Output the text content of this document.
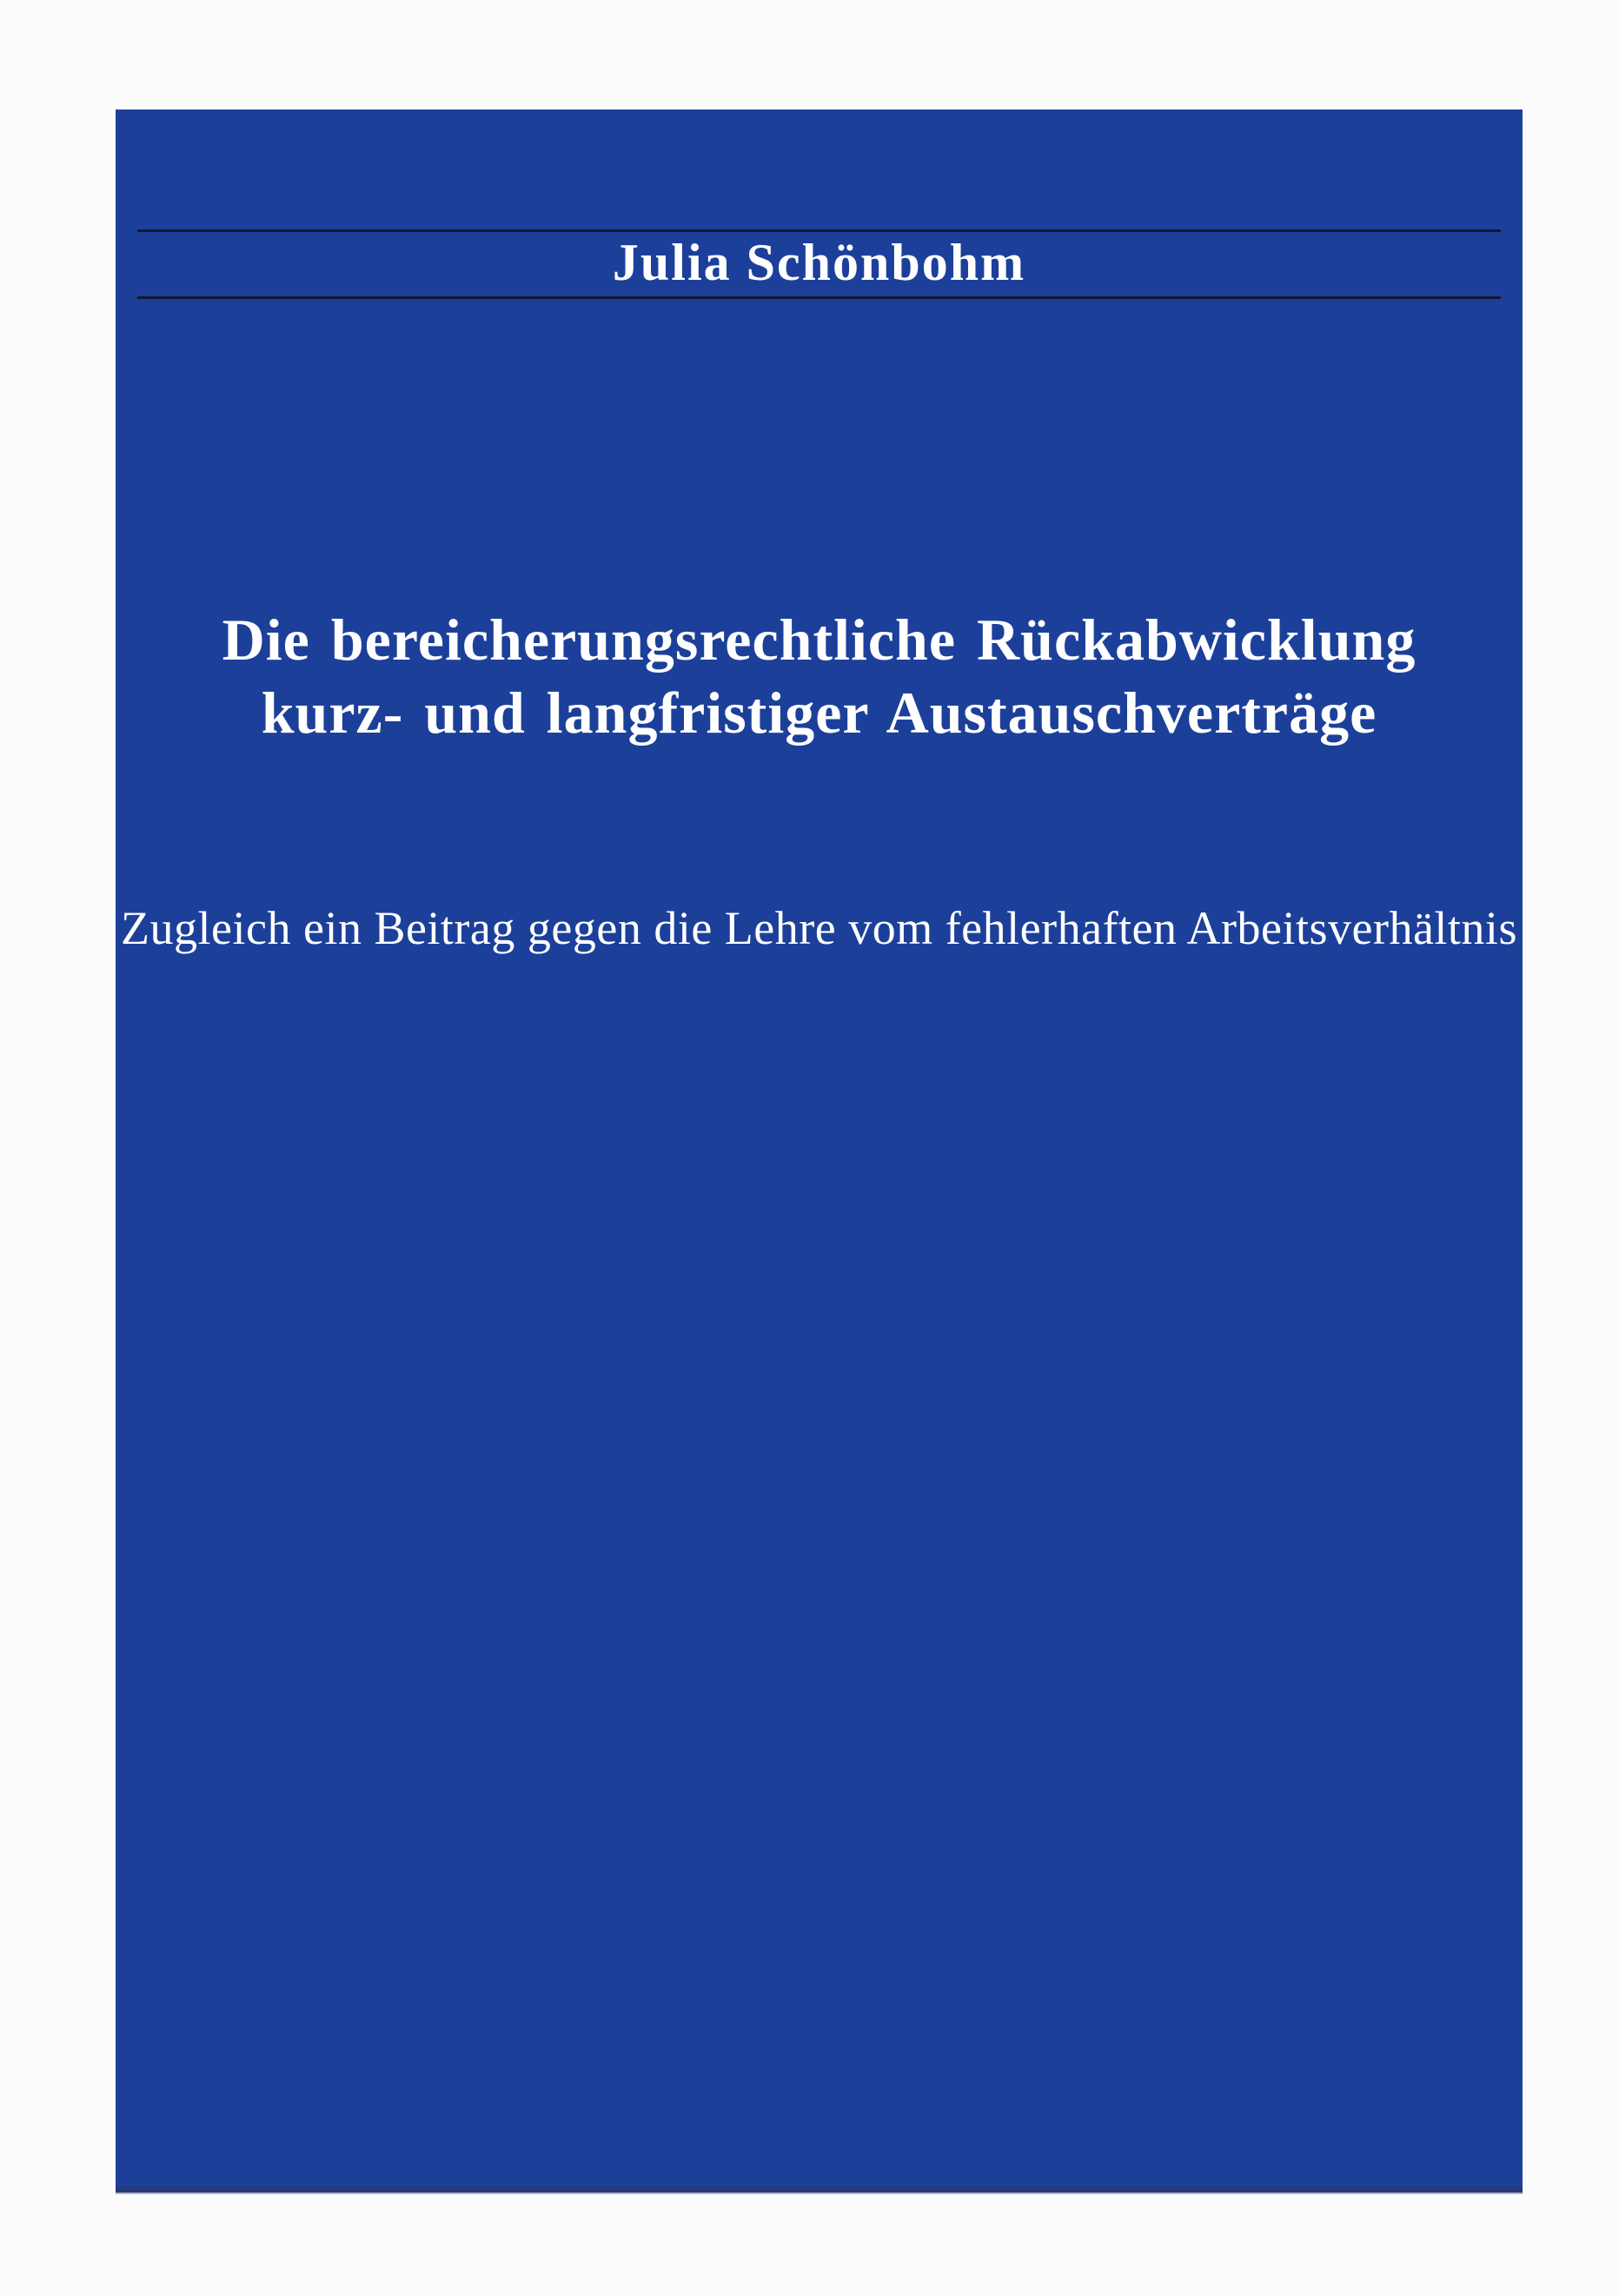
Julia Schönbohm
Die bereicherungsrechtliche Rückabwicklung
kurz- und langfristiger Austauschverträge
Zugleich ein Beitrag gegen die Lehre vom fehlerhaften Arbeitsverhältnis
